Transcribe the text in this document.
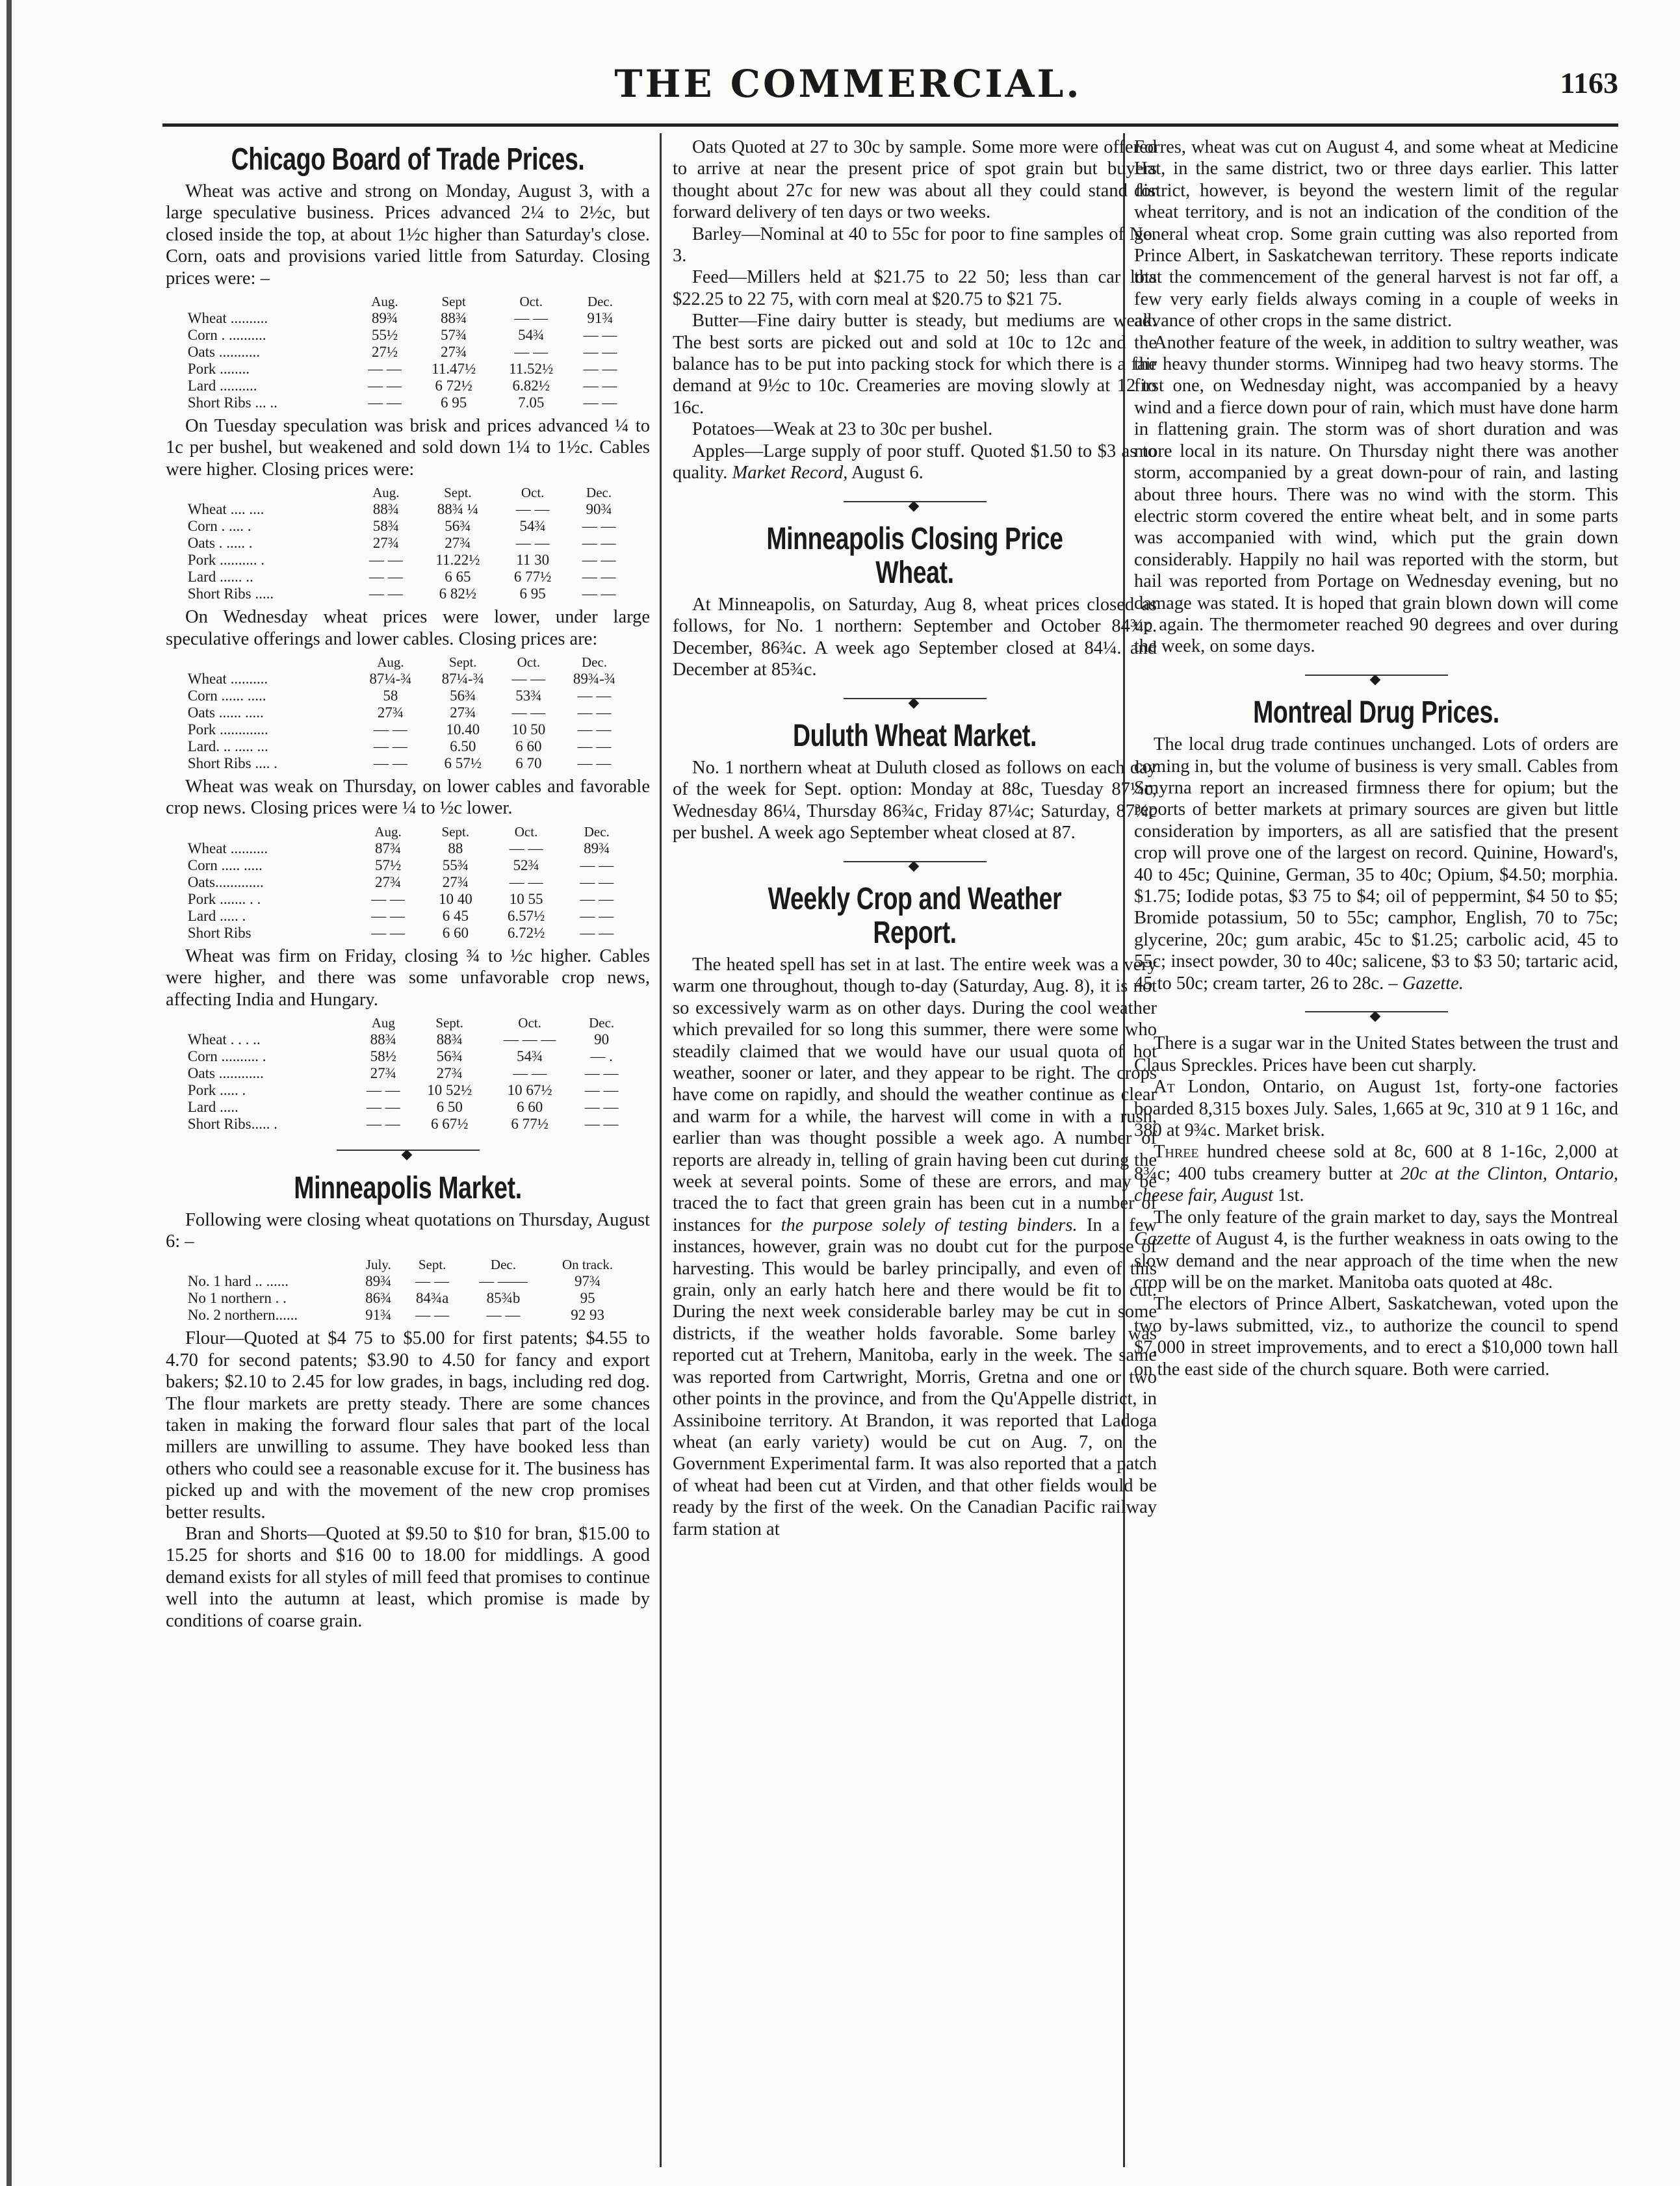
THE COMMERCIAL.	1163
Chicago Board of Trade Prices.

Wheat was active and strong on Monday, August 3, with a large speculative business. Prices advanced 2¼ to 2½c, but closed inside the top, at about 1½c higher than Saturday's close. Corn, oats and provisions varied little from Saturday. Closing prices were: –

	Aug.	Sept	Oct.	Dec.
Wheat ..........	89¾	88¾	— —	91¾
Corn . ..........	55½	57¾	54¾	— —
Oats ...........	27½	27¾	— —	— —
Pork ........	— —	11.47½	11.52½	— —
Lard ..........	— —	6 72½	6.82½	— —
Short Ribs ... ..	— —	6 95	7.05	— —

On Tuesday speculation was brisk and prices advanced ¼ to 1c per bushel, but weakened and sold down 1¼ to 1½c. Cables were higher. Closing prices were:

	Aug.	Sept.	Oct.	Dec.
Wheat .... ....	88¾	88¾ ¼	— —	90¾
Corn . .... .	58¾	56¾	54¾	— —
Oats . ..... .	27¾	27¾	— —	— —
Pork .......... .	— —	11.22½	11 30	— —
Lard ...... ..	— —	6 65	6 77½	— —
Short Ribs .....	— —	6 82½	6 95	— —

On Wednesday wheat prices were lower, under large speculative offerings and lower cables. Closing prices are:

	Aug.	Sept.	Oct.	Dec.
Wheat ..........	87¼-¾	87¼-¾	— —	89¾-¾
Corn ...... .....	58	56¾	53¾	— —
Oats ...... .....	27¾	27¾	— —	— —
Pork .............	— —	10.40	10 50	— —
Lard. .. ..... ...	— —	6.50	6 60	— —
Short Ribs .... .	— —	6 57½	6 70	— —

Wheat was weak on Thursday, on lower cables and favorable crop news. Closing prices were ¼ to ½c lower.

	Aug.	Sept.	Oct.	Dec.
Wheat ..........	87¾	88	— —	89¾
Corn ..... .....	57½	55¾	52¾	— —
Oats.............	27¾	27¾	— —	— —
Pork ....... . .	— —	10 40	10 55	— —
Lard ..... .	— —	6 45	6.57½	— —
Short Ribs	— —	6 60	6.72½	— —

Wheat was firm on Friday, closing ¾ to ½c higher. Cables were higher, and there was some unfavorable crop news, affecting India and Hungary.

	Aug	Sept.	Oct.	Dec.
Wheat . . . ..	88¾	88¾	— — —	90
Corn .......... .	58½	56¾	54¾	— .
Oats ............	27¾	27¾	— —	— —
Pork ..... .	— —	10 52½	10 67½	— —
Lard .....	— —	6 50	6 60	— —
Short Ribs..... .	— —	6 67½	6 77½	— —
◆
Minneapolis Market.

Following were closing wheat quotations on Thursday, August 6: –

	July.	Sept.	Dec.	On track.
No. 1 hard .. ......	89¾	— —	— ——	97¾
No 1 northern . .	86¾	84¾a	85¾b	95
No. 2 northern......	91¾	— —	— —	92 93

Flour—Quoted at $4 75 to $5.00 for first patents; $4.55 to 4.70 for second patents; $3.90 to 4.50 for fancy and export bakers; $2.10 to 2.45 for low grades, in bags, including red dog. The flour markets are pretty steady. There are some chances taken in making the forward flour sales that part of the local millers are unwilling to assume. They have booked less than others who could see a reasonable excuse for it. The business has picked up and with the movement of the new crop promises better results.

Bran and Shorts—Quoted at $9.50 to $10 for bran, $15.00 to 15.25 for shorts and $16 00 to 18.00 for middlings. A good demand exists for all styles of mill feed that promises to continue well into the autumn at least, which promise is made by conditions of coarse grain.

Oats Quoted at 27 to 30c by sample. Some more were offered to arrive at near the present price of spot grain but buyers thought about 27c for new was about all they could stand for forward delivery of ten days or two weeks.

Barley—Nominal at 40 to 55c for poor to fine samples of No. 3.

Feed—Millers held at $21.75 to 22 50; less than car lots $22.25 to 22 75, with corn meal at $20.75 to $21 75.

Butter—Fine dairy butter is steady, but mediums are weak. The best sorts are picked out and sold at 10c to 12c and the balance has to be put into packing stock for which there is a fair demand at 9½c to 10c. Creameries are moving slowly at 12 to 16c.

Potatoes—Weak at 23 to 30c per bushel.

Apples—Large supply of poor stuff. Quoted $1.50 to $3 as to quality. Market Record, August 6.

◆
Minneapolis Closing Price Wheat.

At Minneapolis, on Saturday, Aug 8, wheat prices closed as follows, for No. 1 northern: September and October 84¾c. December, 86¾c. A week ago September closed at 84¼. and December at 85¾c.

◆
Duluth Wheat Market.

No. 1 northern wheat at Duluth closed as follows on each day of the week for Sept. option: Monday at 88c, Tuesday 87¼c, Wednesday 86¼, Thursday 86¾c, Friday 87¼c; Saturday, 87¾c per bushel. A week ago September wheat closed at 87.

◆
Weekly Crop and Weather Report.

The heated spell has set in at last. The entire week was a very warm one throughout, though to-day (Saturday, Aug. 8), it is not so excessively warm as on other days. During the cool weather which prevailed for so long this summer, there were some who steadily claimed that we would have our usual quota of hot weather, sooner or later, and they appear to be right. The crops have come on rapidly, and should the weather continue as clear and warm for a while, the harvest will come in with a rush, earlier than was thought possible a week ago. A number of reports are already in, telling of grain having been cut during the week at several points. Some of these are errors, and may be traced the to fact that green grain has been cut in a number of instances for the purpose solely of testing binders. In a few instances, however, grain was no doubt cut for the purpose of harvesting. This would be barley principally, and even of this grain, only an early hatch here and there would be fit to cut. During the next week considerable barley may be cut in some districts, if the weather holds favorable. Some barley was reported cut at Trehern, Manitoba, early in the week. The same was reported from Cartwright, Morris, Gretna and one or two other points in the province, and from the Qu'Appelle district, in Assiniboine territory. At Brandon, it was reported that Ladoga wheat (an early variety) would be cut on Aug. 7, on the Government Experimental farm. It was also reported that a patch of wheat had been cut at Virden, and that other fields would be ready by the first of the week. On the Canadian Pacific railway farm station at

Forres, wheat was cut on August 4, and some wheat at Medicine Hat, in the same district, two or three days earlier. This latter district, however, is beyond the western limit of the regular wheat territory, and is not an indication of the condition of the general wheat crop. Some grain cutting was also reported from Prince Albert, in Saskatchewan territory. These reports indicate that the commencement of the general harvest is not far off, a few very early fields always coming in a couple of weeks in advance of other crops in the same district.

Another feature of the week, in addition to sultry weather, was the heavy thunder storms. Winnipeg had two heavy storms. The first one, on Wednesday night, was accompanied by a heavy wind and a fierce down pour of rain, which must have done harm in flattening grain. The storm was of short duration and was more local in its nature. On Thursday night there was another storm, accompanied by a great down-pour of rain, and lasting about three hours. There was no wind with the storm. This electric storm covered the entire wheat belt, and in some parts was accompanied with wind, which put the grain down considerably. Happily no hail was reported with the storm, but hail was reported from Portage on Wednesday evening, but no damage was stated. It is hoped that grain blown down will come up again. The thermometer reached 90 degrees and over during the week, on some days.

◆
Montreal Drug Prices.

The local drug trade continues unchanged. Lots of orders are coming in, but the volume of business is very small. Cables from Smyrna report an increased firmness there for opium; but the reports of better markets at primary sources are given but little consideration by importers, as all are satisfied that the present crop will prove one of the largest on record. Quinine, Howard's, 40 to 45c; Quinine, German, 35 to 40c; Opium, $4.50; morphia. $1.75; Iodide potas, $3 75 to $4; oil of peppermint, $4 50 to $5; Bromide potassium, 50 to 55c; camphor, English, 70 to 75c; glycerine, 20c; gum arabic, 45c to $1.25; carbolic acid, 45 to 55c; insect powder, 30 to 40c; salicene, $3 to $3 50; tartaric acid, 45 to 50c; cream tarter, 26 to 28c. – Gazette.

◆

There is a sugar war in the United States between the trust and Claus Spreckles. Prices have been cut sharply.

At London, Ontario, on August 1st, forty-one factories boarded 8,315 boxes July. Sales, 1,665 at 9c, 310 at 9 1 16c, and 380 at 9¾c. Market brisk.

Three hundred cheese sold at 8c, 600 at 8 1-16c, 2,000 at 8¾c; 400 tubs creamery butter at 20c at the Clinton, Ontario, cheese fair, August 1st.

The only feature of the grain market to day, says the Montreal Gazette of August 4, is the further weakness in oats owing to the slow demand and the near approach of the time when the new crop will be on the market. Manitoba oats quoted at 48c.

The electors of Prince Albert, Saskatchewan, voted upon the two by-laws submitted, viz., to authorize the council to spend $7,000 in street improvements, and to erect a $10,000 town hall on the east side of the church square. Both were carried.
